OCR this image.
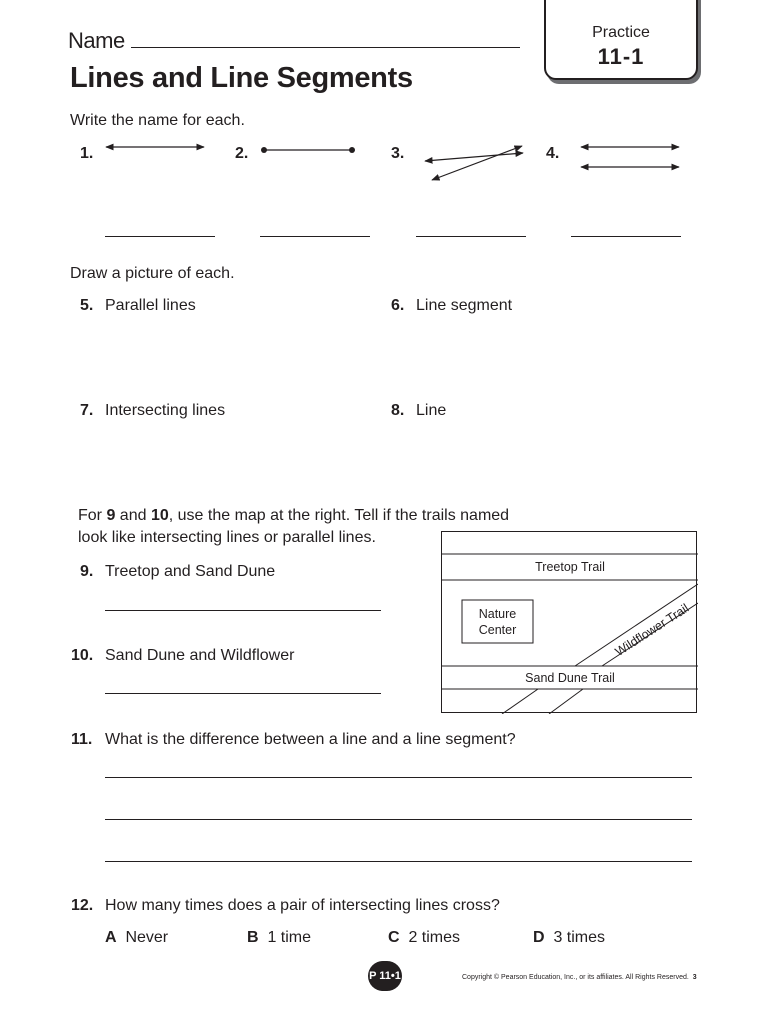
Practice
11-1
Name
Lines and Line Segments
Write the name for each.
1.	2.	3.	4.
Draw a picture of each.
5. Parallel lines	6. Line segment
7. Intersecting lines	8. Line
For 9 and 10, use the map at the right. Tell if the trails named
look like intersecting lines or parallel lines.
9. Treetop and Sand Dune
10. Sand Dune and Wildflower
Treetop Trail
Nature
Center	Wildflower Trail
Sand Dune Trail
11. What is the difference between a line and a line segment?
12. How many times does a pair of intersecting lines cross?
A Never	B 1 time	C 2 times	D 3 times
P 11•1	Copyright © Pearson Education, Inc., or its affiliates. All Rights Reserved. 3
